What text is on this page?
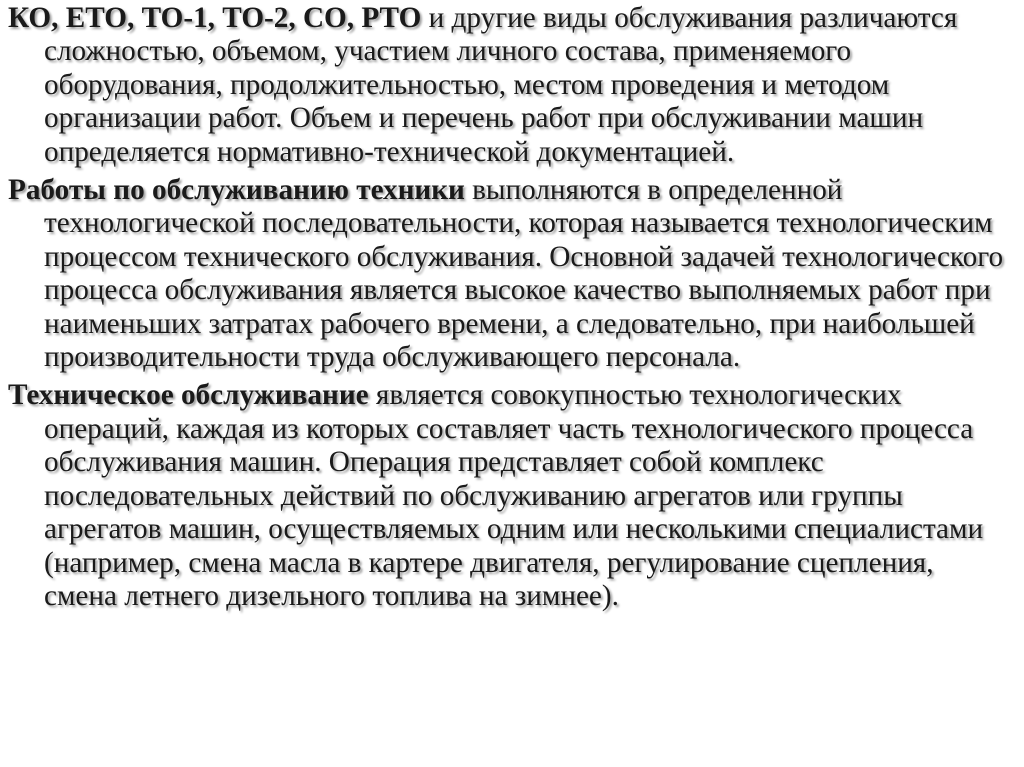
КО, ЕТО, ТО-1, ТО-2, СО, РТО и другие виды обслуживания различаются сложностью, объемом, участием личного состава, применяемого оборудования, продолжительностью, местом проведения и методом организации работ. Объем и перечень работ при обслуживании машин определяется нормативно-технической документацией.

Работы по обслуживанию техники выполняются в определенной технологической последовательности, которая называется технологическим процессом технического обслуживания. Основной задачей технологического процесса обслуживания является высокое качество выполняемых работ при наименьших затратах рабочего времени, а следовательно, при наибольшей производительности труда обслуживающего персонала.

Техническое обслуживание является совокупностью технологических операций, каждая из которых составляет часть технологического процесса обслуживания машин. Операция представляет собой комплекс последовательных действий по обслуживанию агрегатов или группы агрегатов машин, осуществляемых одним или несколькими специалистами (например, смена масла в картере двигателя, регулирование сцепления, смена летнего дизельного топлива на зимнее).
